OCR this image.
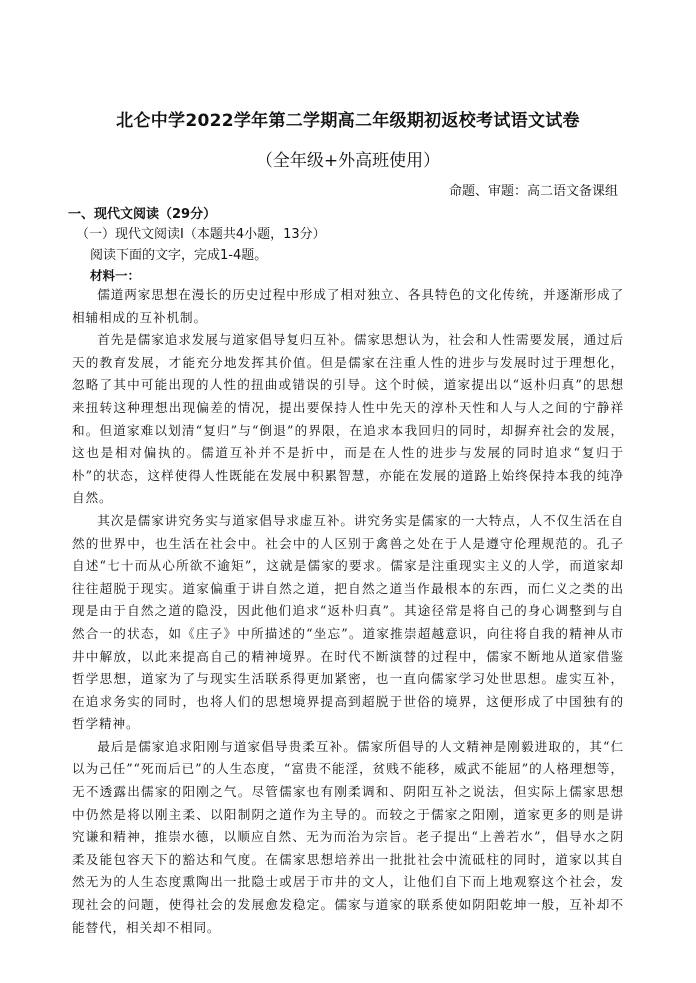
北仑中学2022学年第二学期高二年级期初返校考试语文试卷
（全年级+外高班使用）
命题、审题：高二语文备课组
一、现代文阅读（29分）
（一）现代文阅读Ⅰ（本题共4小题，13分）
阅读下面的文字，完成1-4题。
材料一：

儒道两家思想在漫长的历史过程中形成了相对独立、各具特色的文化传统，并逐渐形成了相辅相成的互补机制。

首先是儒家追求发展与道家倡导复归互补。儒家思想认为，社会和人性需要发展，通过后天的教育发展，才能充分地发挥其价值。但是儒家在注重人性的进步与发展时过于理想化，忽略了其中可能出现的人性的扭曲或错误的引导。这个时候，道家提出以“返朴归真”的思想来扭转这种理想出现偏差的情况，提出要保持人性中先天的淳朴天性和人与人之间的宁静祥和。但道家难以划清“复归”与“倒退”的界限，在追求本我回归的同时，却摒弃社会的发展，这也是相对偏执的。儒道互补并不是折中，而是在人性的进步与发展的同时追求“复归于朴”的状态，这样使得人性既能在发展中积累智慧，亦能在发展的道路上始终保持本我的纯净自然。

其次是儒家讲究务实与道家倡导求虚互补。讲究务实是儒家的一大特点，人不仅生活在自然的世界中，也生活在社会中。社会中的人区别于禽兽之处在于人是遵守伦理规范的。孔子自述“七十而从心所欲不逾矩”，这就是儒家的要求。儒家是注重现实主义的人学，而道家却往往超脱于现实。道家偏重于讲自然之道，把自然之道当作最根本的东西，而仁义之类的出现是由于自然之道的隐没，因此他们追求“返朴归真”。其途径常是将自己的身心调整到与自然合一的状态，如《庄子》中所描述的“坐忘”。道家推崇超越意识，向往将自我的精神从市井中解放，以此来提高自己的精神境界。在时代不断演替的过程中，儒家不断地从道家借鉴哲学思想，道家为了与现实生活联系得更加紧密，也一直向儒家学习处世思想。虚实互补，在追求务实的同时，也将人们的思想境界提高到超脱于世俗的境界，这便形成了中国独有的哲学精神。

最后是儒家追求阳刚与道家倡导贵柔互补。儒家所倡导的人文精神是刚毅进取的，其“仁以为己任”“死而后已”的人生态度，“富贵不能淫，贫贱不能移，威武不能屈”的人格理想等，无不透露出儒家的阳刚之气。尽管儒家也有刚柔调和、阴阳互补之说法，但实际上儒家思想中仍然是将以刚主柔、以阳制阴之道作为主导的。而较之于儒家之阳刚，道家更多的则是讲究谦和精神，推崇水德，以顺应自然、无为而治为宗旨。老子提出“上善若水”，倡导水之阴柔及能包容天下的豁达和气度。在儒家思想培养出一批批社会中流砥柱的同时，道家以其自然无为的人生态度熏陶出一批隐士或居于市井的文人，让他们自下而上地观察这个社会，发现社会的问题，使得社会的发展愈发稳定。儒家与道家的联系使如阴阳乾坤一般，互补却不能替代，相关却不相同。
